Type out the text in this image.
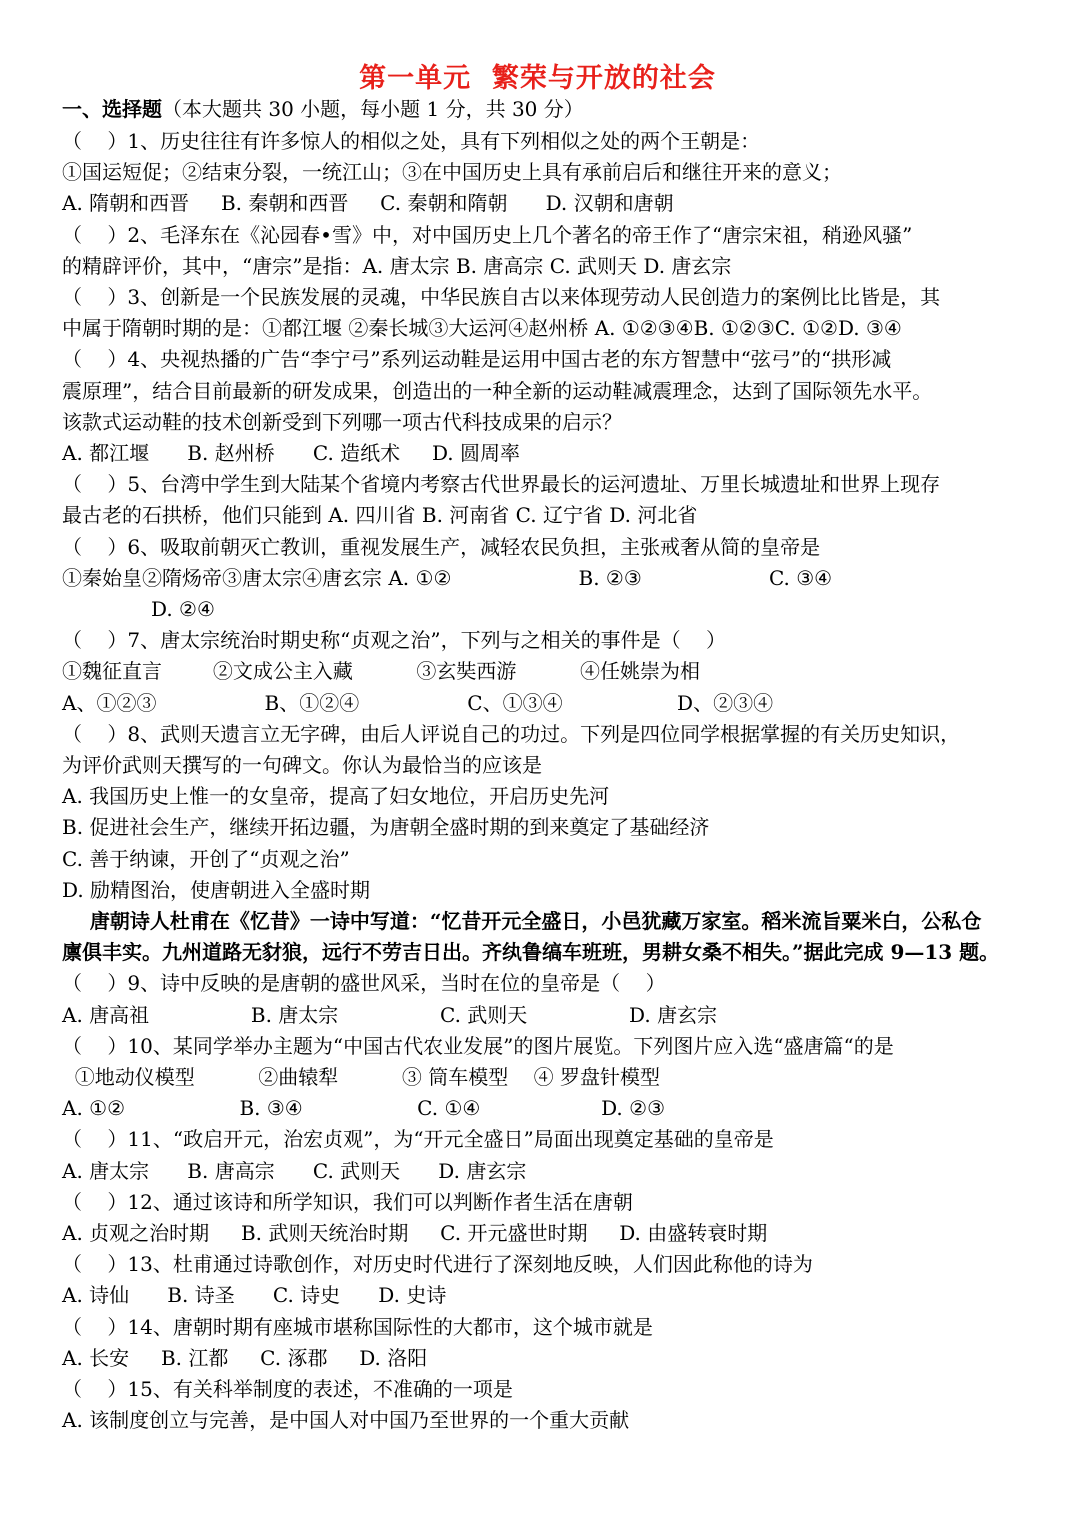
第一单元  繁荣与开放的社会
一、选择题（本大题共 30 小题，每小题 1 分，共 30 分）
（    ）1、历史往往有许多惊人的相似之处，具有下列相似之处的两个王朝是：
①国运短促；②结束分裂，一统江山；③在中国历史上具有承前启后和继往开来的意义；
A. 隋朝和西晋     B. 秦朝和西晋     C. 秦朝和隋朝      D. 汉朝和唐朝
（    ）2、毛泽东在《沁园春•雪》中，对中国历史上几个著名的帝王作了“唐宗宋祖，稍逊风骚”
的精辟评价，其中，“唐宗”是指：A. 唐太宗 B. 唐高宗 C. 武则天 D. 唐玄宗
（    ）3、创新是一个民族发展的灵魂，中华民族自古以来体现劳动人民创造力的案例比比皆是，其
中属于隋朝时期的是：①都江堰 ②秦长城③大运河④赵州桥 A. ①②③④B. ①②③C. ①②D. ③④
（    ）4、央视热播的广告“李宁弓”系列运动鞋是运用中国古老的东方智慧中“弦弓”的“拱形减
震原理”，结合目前最新的研发成果，创造出的一种全新的运动鞋减震理念，达到了国际领先水平。
该款式运动鞋的技术创新受到下列哪一项古代科技成果的启示？
A. 都江堰      B. 赵州桥      C. 造纸术     D. 圆周率
（    ）5、台湾中学生到大陆某个省境内考察古代世界最长的运河遗址、万里长城遗址和世界上现存
最古老的石拱桥，他们只能到 A. 四川省 B. 河南省 C. 辽宁省 D. 河北省
（    ）6、吸取前朝灭亡教训，重视发展生产，减轻农民负担，主张戒奢从简的皇帝是
①秦始皇②隋炀帝③唐太宗④唐玄宗 A. ①②                    B. ②③                    C. ③④
D. ②④
（    ）7、唐太宗统治时期史称“贞观之治”，下列与之相关的事件是（    ）
①魏征直言        ②文成公主入藏          ③玄奘西游          ④任姚崇为相
A、①②③                 B、①②④                 C、①③④                  D、②③④
（    ）8、武则天遗言立无字碑，由后人评说自己的功过。下列是四位同学根据掌握的有关历史知识，
为评价武则天撰写的一句碑文。你认为最恰当的应该是
A. 我国历史上惟一的女皇帝，提高了妇女地位，开启历史先河
B. 促进社会生产，继续开拓边疆，为唐朝全盛时期的到来奠定了基础经济
C. 善于纳谏，开创了“贞观之治”
D. 励精图治，使唐朝进入全盛时期
唐朝诗人杜甫在《忆昔》一诗中写道：“忆昔开元全盛日，小邑犹藏万家室。稻米流旨粟米白，公私仓
廪俱丰实。九州道路无豺狼，远行不劳吉日出。齐纨鲁缟车班班，男耕女桑不相失。”据此完成 9—13 题。
（    ）9、诗中反映的是唐朝的盛世风采，当时在位的皇帝是（    ）
A. 唐高祖                B. 唐太宗                C. 武则天                D. 唐玄宗
（    ）10、某同学举办主题为“中国古代农业发展”的图片展览。下列图片应入选“盛唐篇“的是
①地动仪模型          ②曲辕犁          ③ 筒车模型    ④ 罗盘针模型
A. ①②                  B. ③④                  C. ①④                   D. ②③
（    ）11、“政启开元，治宏贞观”，为“开元全盛日”局面出现奠定基础的皇帝是
A. 唐太宗      B. 唐高宗      C. 武则天      D. 唐玄宗
（    ）12、通过该诗和所学知识，我们可以判断作者生活在唐朝
A. 贞观之治时期     B. 武则天统治时期     C. 开元盛世时期     D. 由盛转衰时期
（    ）13、杜甫通过诗歌创作，对历史时代进行了深刻地反映，人们因此称他的诗为
A. 诗仙      B. 诗圣      C. 诗史      D. 史诗
（    ）14、唐朝时期有座城市堪称国际性的大都市，这个城市就是
A. 长安     B. 江都     C. 涿郡     D. 洛阳
（    ）15、有关科举制度的表述，不准确的一项是
A. 该制度创立与完善，是中国人对中国乃至世界的一个重大贡献
